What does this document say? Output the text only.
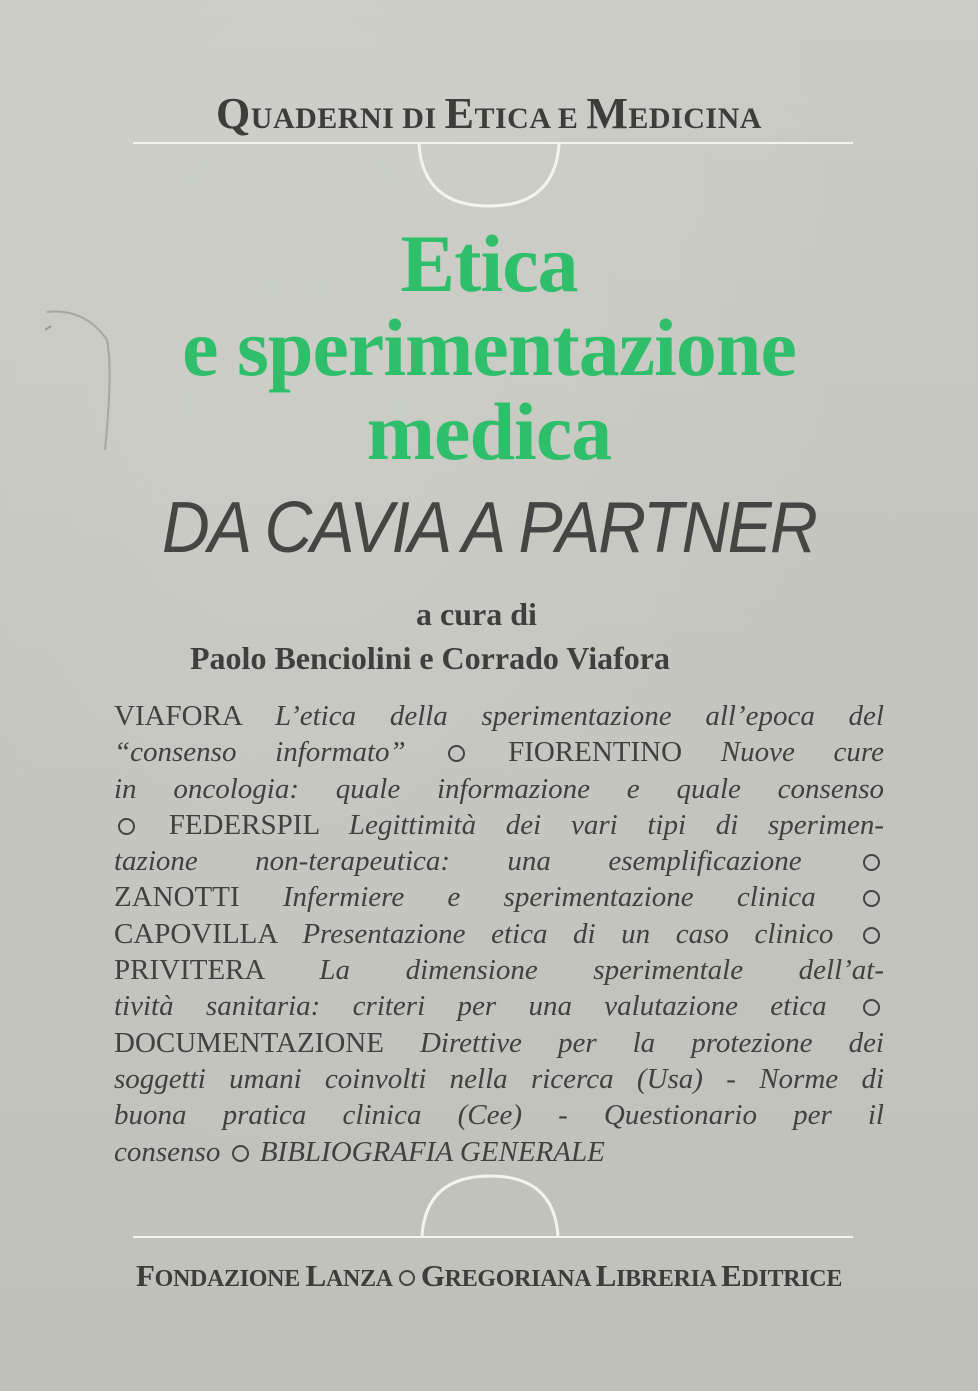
QUADERNI DI ETICA E MEDICINA
Etica
e sperimentazione
medica
DA CAVIA A PARTNER
a cura di
Paolo Benciolini e Corrado Viafora
VIAFORA L’etica della sperimentazione all’epoca del
“consenso informato”  FIORENTINO Nuove cure
in oncologia: quale informazione e quale consenso
FEDERSPIL Legittimità dei vari tipi di sperimen-
tazione non-terapeutica: una esemplificazione
ZANOTTI Infermiere e sperimentazione clinica
CAPOVILLA Presentazione etica di un caso clinico
PRIVITERA La dimensione sperimentale dell’at-
tività sanitaria: criteri per una valutazione etica
DOCUMENTAZIONE Direttive per la protezione dei
soggetti umani coinvolti nella ricerca (Usa) - Norme di
buona pratica clinica (Cee) - Questionario per il
consenso BIBLIOGRAFIA GENERALE
FONDAZIONE LANZA GREGORIANA LIBRERIA EDITRICE
